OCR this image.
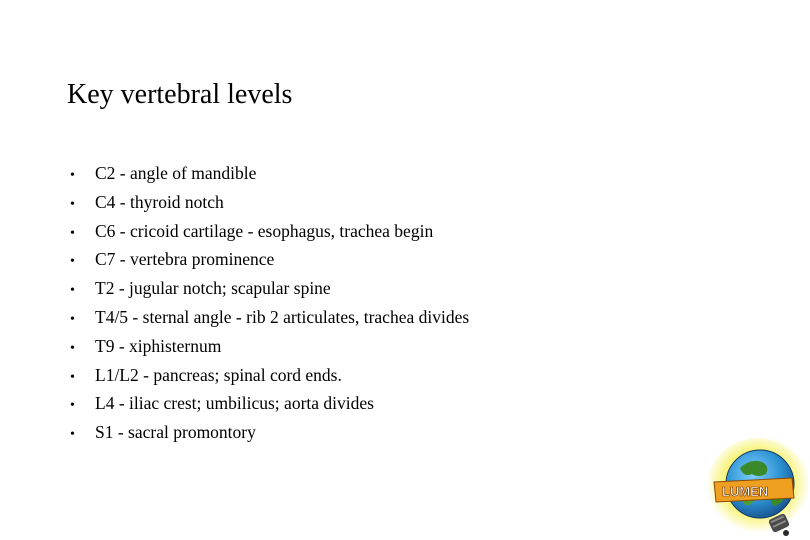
Key vertebral levels
•	C2 - angle of mandible
•	C4 - thyroid notch
•	C6 - cricoid cartilage - esophagus, trachea begin
•	C7 - vertebra prominence
•	T2 - jugular notch; scapular spine
•	T4/5 - sternal angle - rib 2 articulates, trachea divides
•	T9 - xiphisternum
•	L1/L2 - pancreas; spinal cord ends.
•	L4 - iliac crest; umbilicus; aorta divides
•	S1 - sacral promontory
LUMEN
